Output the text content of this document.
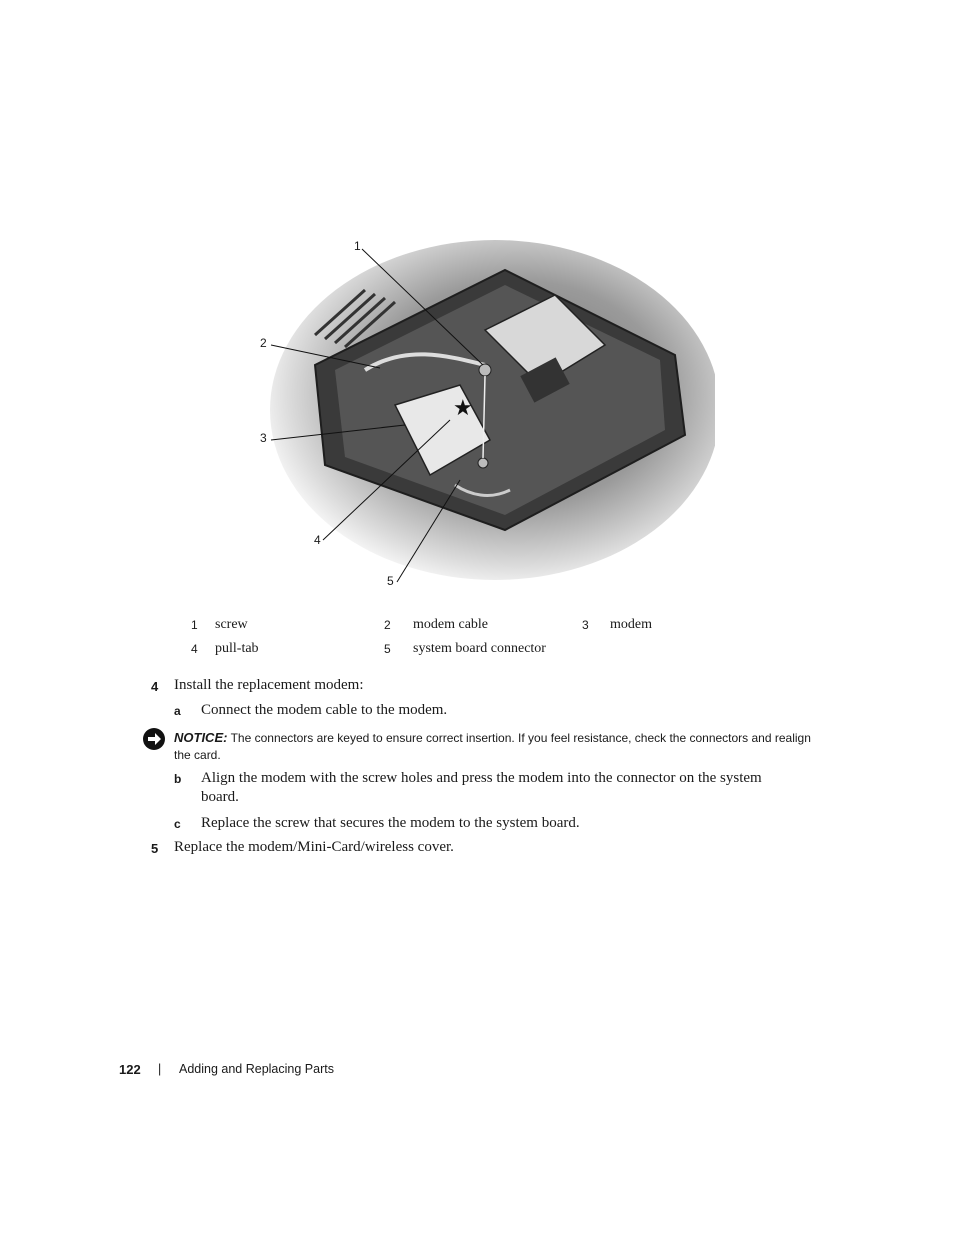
★
1
2
3
4
5
1 screw	2 modem cable	3 modem
4 pull-tab	5 system board connector
4 Install the replacement modem:
a Connect the modem cable to the modem.
NOTICE: The connectors are keyed to ensure correct insertion. If you feel resistance, check the connectors and realign the card.
b Align the modem with the screw holes and press the modem into the connector on the system board.
c Replace the screw that secures the modem to the system board.
5 Replace the modem/Mini-Card/wireless cover.
122 | Adding and Replacing Parts
